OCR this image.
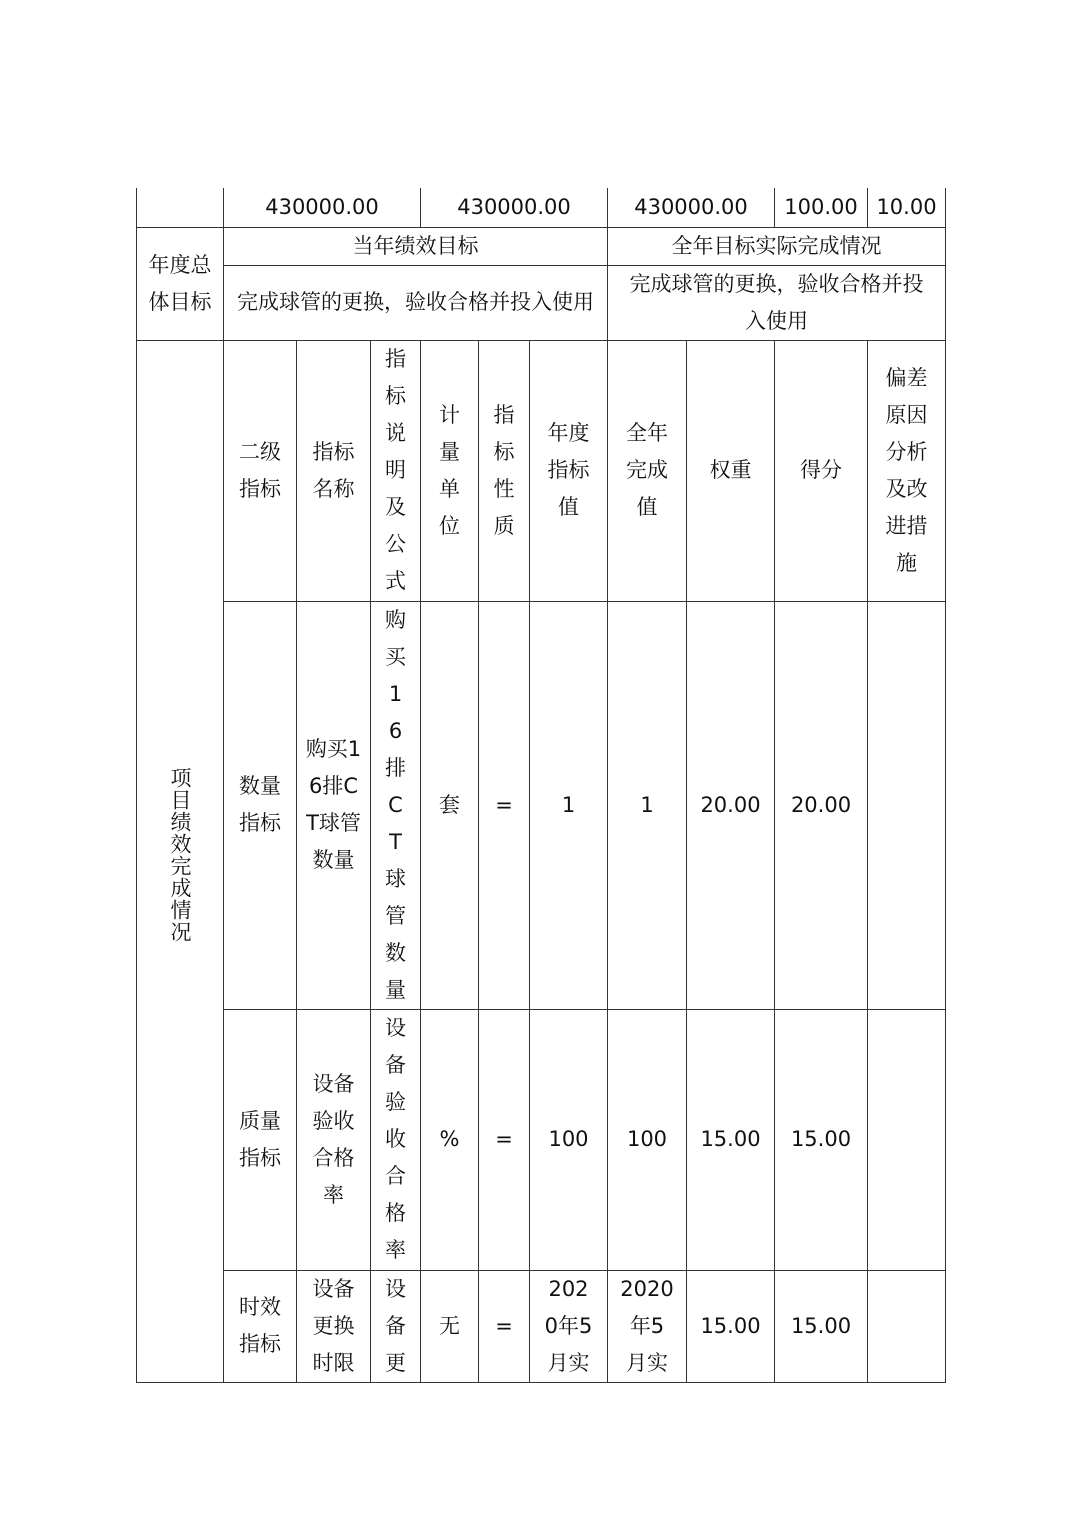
	430000.00			430000.00			430000.00		100.00	10.00
年度总体目标	当年绩效目标						全年目标实际完成情况			
	完成球管的更换，验收合格并投入使用						完成球管的更换，验收合格并投入使用			
项目绩效完成情况	二级指标	指标名称	指标说明及公式	计量单位	指标性质	年度指标值	全年完成值	权重	得分	偏差原因分析及改进措施
	数量指标	购买16排CT球管数量	购买16排CT球管数量	套	=	1	1	20.00	20.00	
	质量指标	设备验收合格率	设备验收合格率	%	=	100	100	15.00	15.00	
	时效指标	设备更换时限	设备更	无	=	2020年5月实	2020年5月实	15.00	15.00	
